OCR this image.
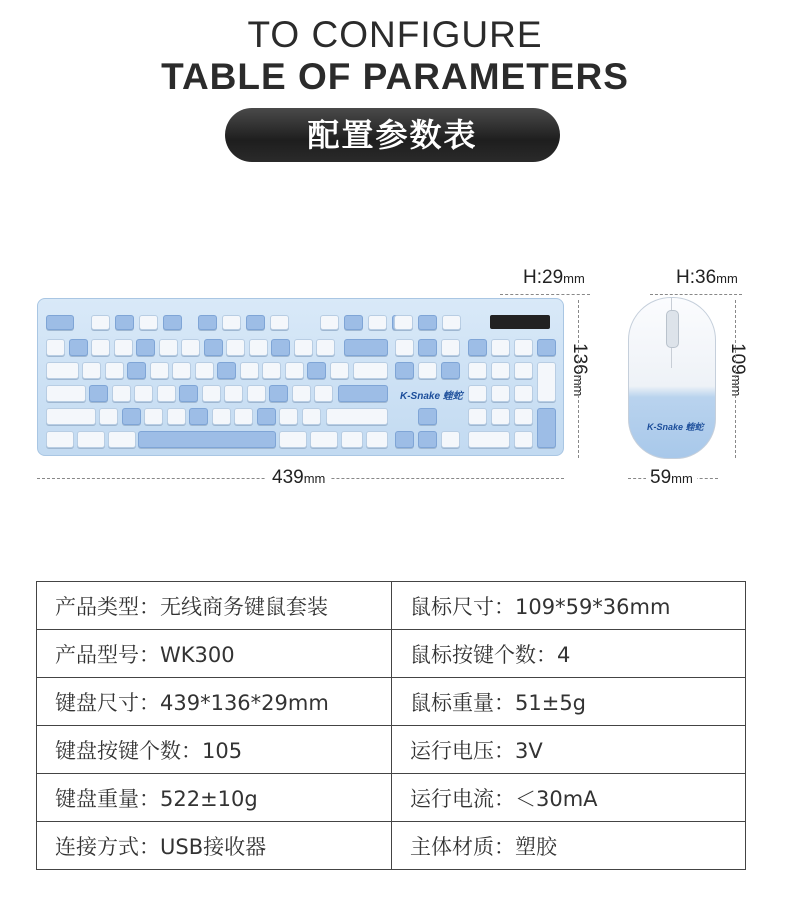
TO CONFIGURE
TABLE OF PARAMETERS
配置参数表
H:29mm
136mm
K-Snake 蝰蛇
439mm
H:36mm
K-Snake 蝰蛇
109mm
59mm
产品类型：无线商务键鼠套装	鼠标尺寸：109*59*36mm
产品型号：WK300	鼠标按键个数：4
键盘尺寸：439*136*29mm	鼠标重量：51±5g
键盘按键个数：105	运行电压：3V
键盘重量：522±10g	运行电流：＜30mA
连接方式：USB接收器	主体材质：塑胶
